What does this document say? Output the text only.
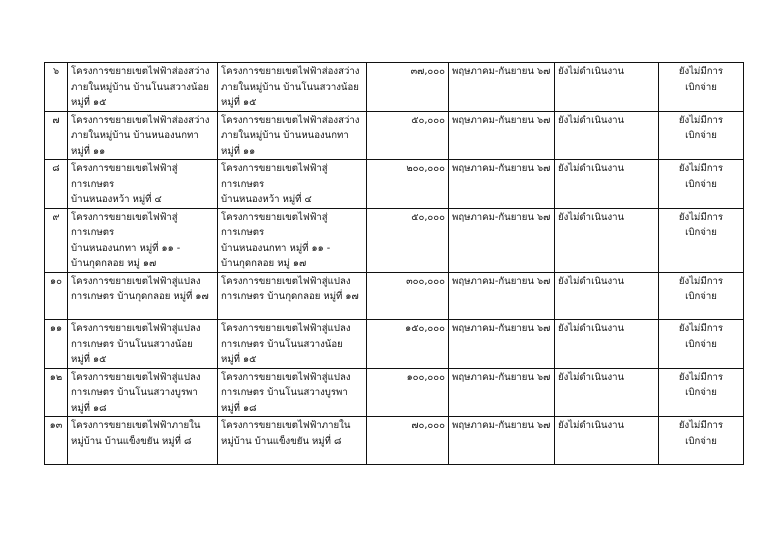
๖	โครงการขยายเขตไฟฟ้าส่องสว่าง
ภายในหมู่บ้าน บ้านโนนสวางน้อย
หมู่ที่ ๑๕	โครงการขยายเขตไฟฟ้าส่องสว่าง
ภายในหมู่บ้าน บ้านโนนสวางน้อย
หมู่ที่ ๑๕	๓๗,๐๐๐	พฤษภาคม-กันยายน ๖๗	ยังไม่ดำเนินงาน	ยังไม่มีการ
เบิกจ่าย
๗	โครงการขยายเขตไฟฟ้าส่องสว่าง
ภายในหมู่บ้าน บ้านหนองนกทา
หมู่ที่ ๑๑	โครงการขยายเขตไฟฟ้าส่องสว่าง
ภายในหมู่บ้าน บ้านหนองนกทา
หมู่ที่ ๑๑	๕๐,๐๐๐	พฤษภาคม-กันยายน ๖๗	ยังไม่ดำเนินงาน	ยังไม่มีการ
เบิกจ่าย
๘	โครงการขยายเขตไฟฟ้าสู่การเกษตร
บ้านหนองหว้า หมู่ที่ ๔	โครงการขยายเขตไฟฟ้าสู่การเกษตร
บ้านหนองหว้า หมู่ที่ ๔	๒๐๐,๐๐๐	พฤษภาคม-กันยายน ๖๗	ยังไม่ดำเนินงาน	ยังไม่มีการ
เบิกจ่าย
๙	โครงการขยายเขตไฟฟ้าสู่การเกษตร
บ้านหนองนกทา หมู่ที่ ๑๑ -
บ้านกุดกลอย หมู่ ๑๗	โครงการขยายเขตไฟฟ้าสู่การเกษตร
บ้านหนองนกทา หมู่ที่ ๑๑ -
บ้านกุดกลอย หมู่ ๑๗	๕๐,๐๐๐	พฤษภาคม-กันยายน ๖๗	ยังไม่ดำเนินงาน	ยังไม่มีการ
เบิกจ่าย
๑๐	โครงการขยายเขตไฟฟ้าสู่แปลง
การเกษตร บ้านกุดกลอย หมู่ที่ ๑๗	โครงการขยายเขตไฟฟ้าสู่แปลง
การเกษตร บ้านกุดกลอย หมู่ที่ ๑๗	๓๐๐,๐๐๐	พฤษภาคม-กันยายน ๖๗	ยังไม่ดำเนินงาน	ยังไม่มีการ
เบิกจ่าย
๑๑	โครงการขยายเขตไฟฟ้าสู่แปลง
การเกษตร บ้านโนนสวางน้อย
หมู่ที่ ๑๕	โครงการขยายเขตไฟฟ้าสู่แปลง
การเกษตร บ้านโนนสวางน้อย
หมู่ที่ ๑๕	๑๕๐,๐๐๐	พฤษภาคม-กันยายน ๖๗	ยังไม่ดำเนินงาน	ยังไม่มีการ
เบิกจ่าย
๑๒	โครงการขยายเขตไฟฟ้าสู่แปลง
การเกษตร บ้านโนนสวางบูรพา
หมู่ที่ ๑๘	โครงการขยายเขตไฟฟ้าสู่แปลง
การเกษตร บ้านโนนสวางบูรพา
หมู่ที่ ๑๘	๑๐๐,๐๐๐	พฤษภาคม-กันยายน ๖๗	ยังไม่ดำเนินงาน	ยังไม่มีการ
เบิกจ่าย
๑๓	โครงการขยายเขตไฟฟ้าภายใน
หมู่บ้าน บ้านแข็งขยัน หมู่ที่ ๘	โครงการขยายเขตไฟฟ้าภายใน
หมู่บ้าน บ้านแข็งขยัน หมู่ที่ ๘	๗๐,๐๐๐	พฤษภาคม-กันยายน ๖๗	ยังไม่ดำเนินงาน	ยังไม่มีการ
เบิกจ่าย
